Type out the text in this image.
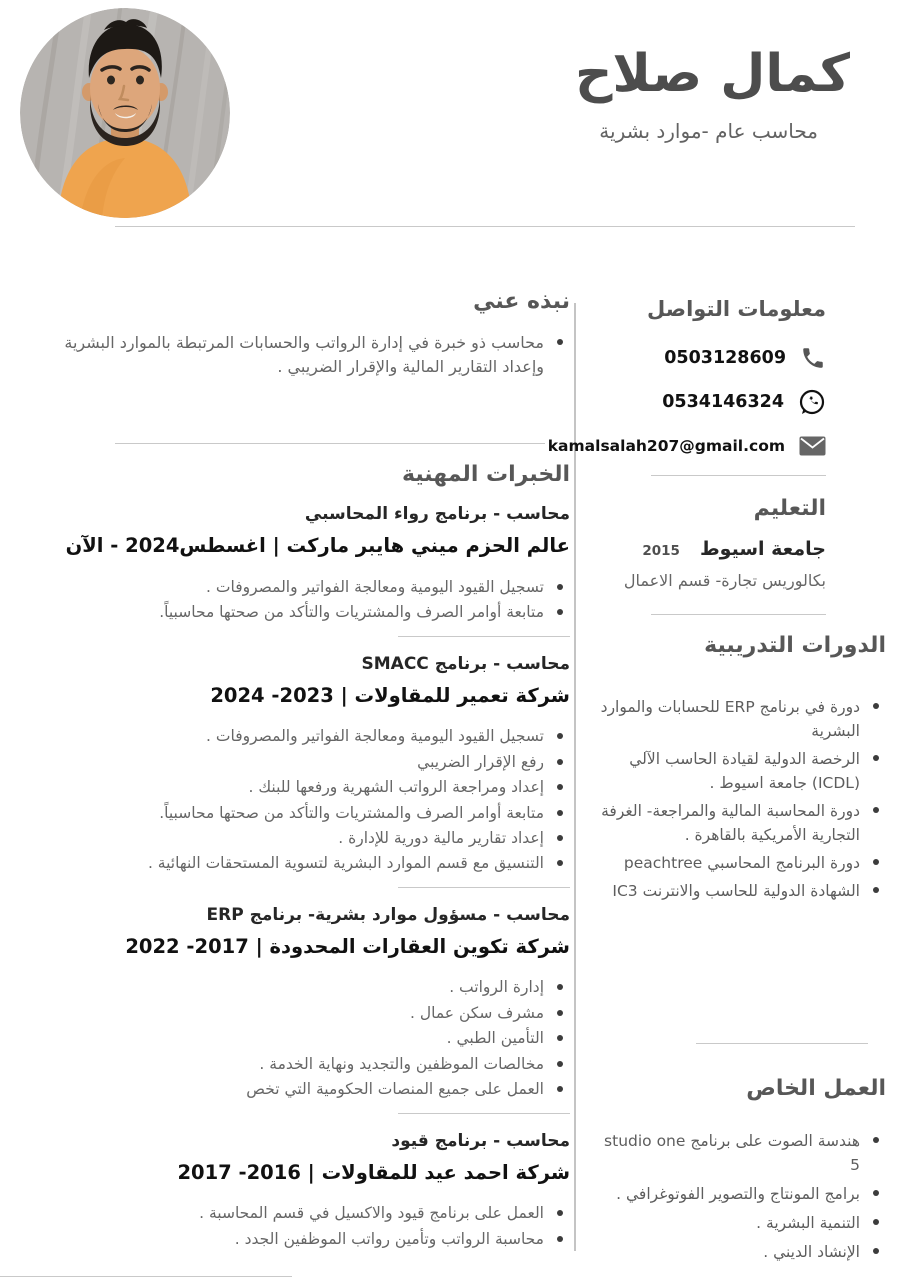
كمال صلاح
محاسب عام -موارد بشرية
نبذه عني
محاسب ذو خبرة في إدارة الرواتب والحسابات المرتبطة بالموارد البشرية وإعداد التقارير المالية والإقرار الضريبي .
الخبرات المهنية
محاسب - برنامج رواء المحاسبي
عالم الحزم ميني هايبر ماركت | اغسطس2024 - الآن
تسجيل القيود اليومية ومعالجة الفواتير والمصروفات .
متابعة أوامر الصرف والمشتريات والتأكد من صحتها محاسبياً.
محاسب - برنامج SMACC
شركة تعمير للمقاولات | 2023- 2024
تسجيل القيود اليومية ومعالجة الفواتير والمصروفات .
رفع الإقرار الضريبي
إعداد ومراجعة الرواتب الشهرية ورفعها للبنك .
متابعة أوامر الصرف والمشتريات والتأكد من صحتها محاسبياً.
إعداد تقارير مالية دورية للإدارة .
التنسيق مع قسم الموارد البشرية لتسوية المستحقات النهائية .
محاسب - مسؤول موارد بشرية- برنامج ERP
شركة تكوين العقارات المحدودة | 2017- 2022
إدارة الرواتب .
مشرف سكن عمال .
التأمين الطبي .
مخالصات الموظفين والتجديد ونهاية الخدمة .
العمل على جميع المنصات الحكومية التي تخص
محاسب - برنامج قيود
شركة احمد عيد للمقاولات | 2016- 2017
العمل على برنامج قيود والاكسيل في قسم المحاسبة .
محاسبة الرواتب وتأمين رواتب الموظفين الجدد .
معلومات التواصل
0503128609
0534146324
kamalsalah207@gmail.com
التعليم
جامعة اسيوط
2015
بكالوريس تجارة- قسم الاعمال
الدورات التدريبية
دورة في برنامج ERP للحسابات والموارد البشرية
الرخصة الدولية لقيادة الحاسب الآلي (ICDL) جامعة اسيوط .
دورة المحاسبة المالية والمراجعة- الغرفة التجارية الأمريكية بالقاهرة .
دورة البرنامج المحاسبي peachtree
الشهادة الدولية للحاسب والانترنت IC3
العمل الخاص
هندسة الصوت على برنامج studio one 5
برامج المونتاج والتصوير الفوتوغرافي .
التنمية البشرية .
الإنشاد الديني .
